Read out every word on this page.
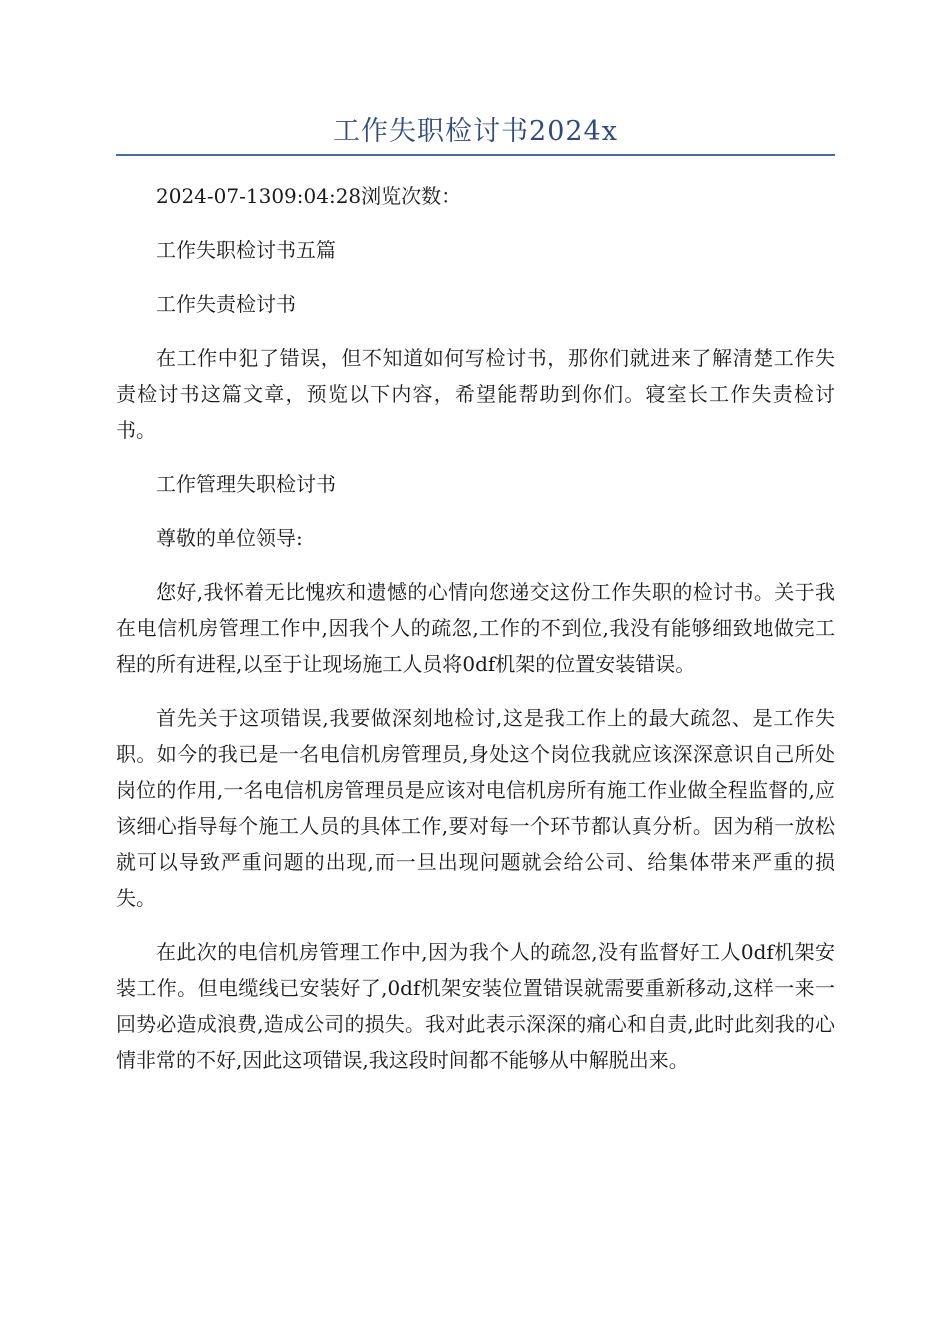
工作失职检讨书2024x

2024-07-1309:04:28浏览次数：

工作失职检讨书五篇

工作失责检讨书

在工作中犯了错误，但不知道如何写检讨书，那你们就进来了解清楚工作失责检讨书这篇文章，预览以下内容，希望能帮助到你们。寝室长工作失责检讨书。

工作管理失职检讨书

尊敬的单位领导:

您好,我怀着无比愧疚和遗憾的心情向您递交这份工作失职的检讨书。关于我在电信机房管理工作中,因我个人的疏忽,工作的不到位,我没有能够细致地做完工程的所有进程,以至于让现场施工人员将0df机架的位置安装错误。

首先关于这项错误,我要做深刻地检讨,这是我工作上的最大疏忽、是工作失职。如今的我已是一名电信机房管理员,身处这个岗位我就应该深深意识自己所处岗位的作用,一名电信机房管理员是应该对电信机房所有施工作业做全程监督的,应该细心指导每个施工人员的具体工作,要对每一个环节都认真分析。因为稍一放松就可以导致严重问题的出现,而一旦出现问题就会给公司、给集体带来严重的损失。

在此次的电信机房管理工作中,因为我个人的疏忽,没有监督好工人0df机架安装工作。但电缆线已安装好了,0df机架安装位置错误就需要重新移动,这样一来一回势必造成浪费,造成公司的损失。我对此表示深深的痛心和自责,此时此刻我的心情非常的不好,因此这项错误,我这段时间都不能够从中解脱出来。
